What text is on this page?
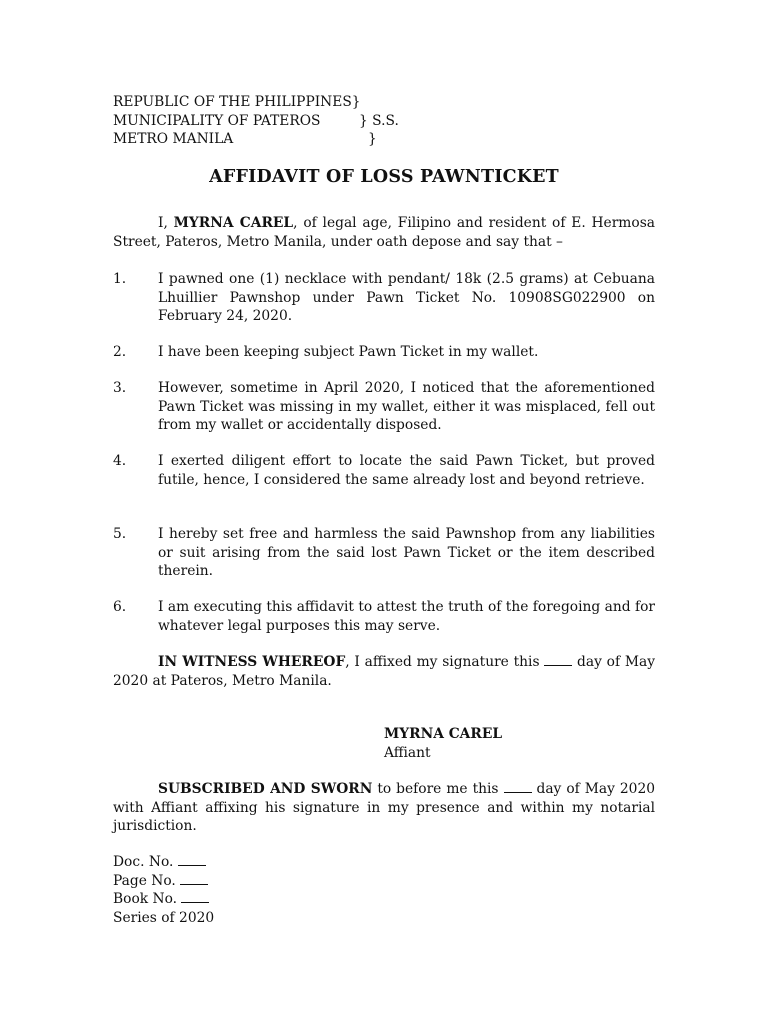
REPUBLIC OF THE PHILIPPINES}
MUNICIPALITY OF PATEROS	} S.S.
METRO MANILA	}
AFFIDAVIT OF LOSS PAWNTICKET
I, MYRNA CAREL, of legal age, Filipino and resident of E. Hermosa Street, Pateros, Metro Manila, under oath depose and say that –
1.	I pawned one (1) necklace with pendant/ 18k (2.5 grams) at Cebuana Lhuillier Pawnshop under Pawn Ticket No. 10908SG022900 on February 24, 2020.
2.	I have been keeping subject Pawn Ticket in my wallet.
3.	However, sometime in April 2020, I noticed that the aforementioned Pawn Ticket was missing in my wallet, either it was misplaced, fell out from my wallet or accidentally disposed.
4.	I exerted diligent effort to locate the said Pawn Ticket, but proved futile, hence, I considered the same already lost and beyond retrieve.
5.	I hereby set free and harmless the said Pawnshop from any liabilities or suit arising from the said lost Pawn Ticket or the item described therein.
6.	I am executing this affidavit to attest the truth of the foregoing and for whatever legal purposes this may serve.
IN WITNESS WHEREOF, I affixed my signature this  day of May 2020 at Pateros, Metro Manila.
MYRNA CAREL
Affiant
SUBSCRIBED AND SWORN to before me this  day of May 2020 with Affiant affixing his signature in my presence and within my notarial jurisdiction.
Doc. No.
Page No.
Book No.
Series of 2020
